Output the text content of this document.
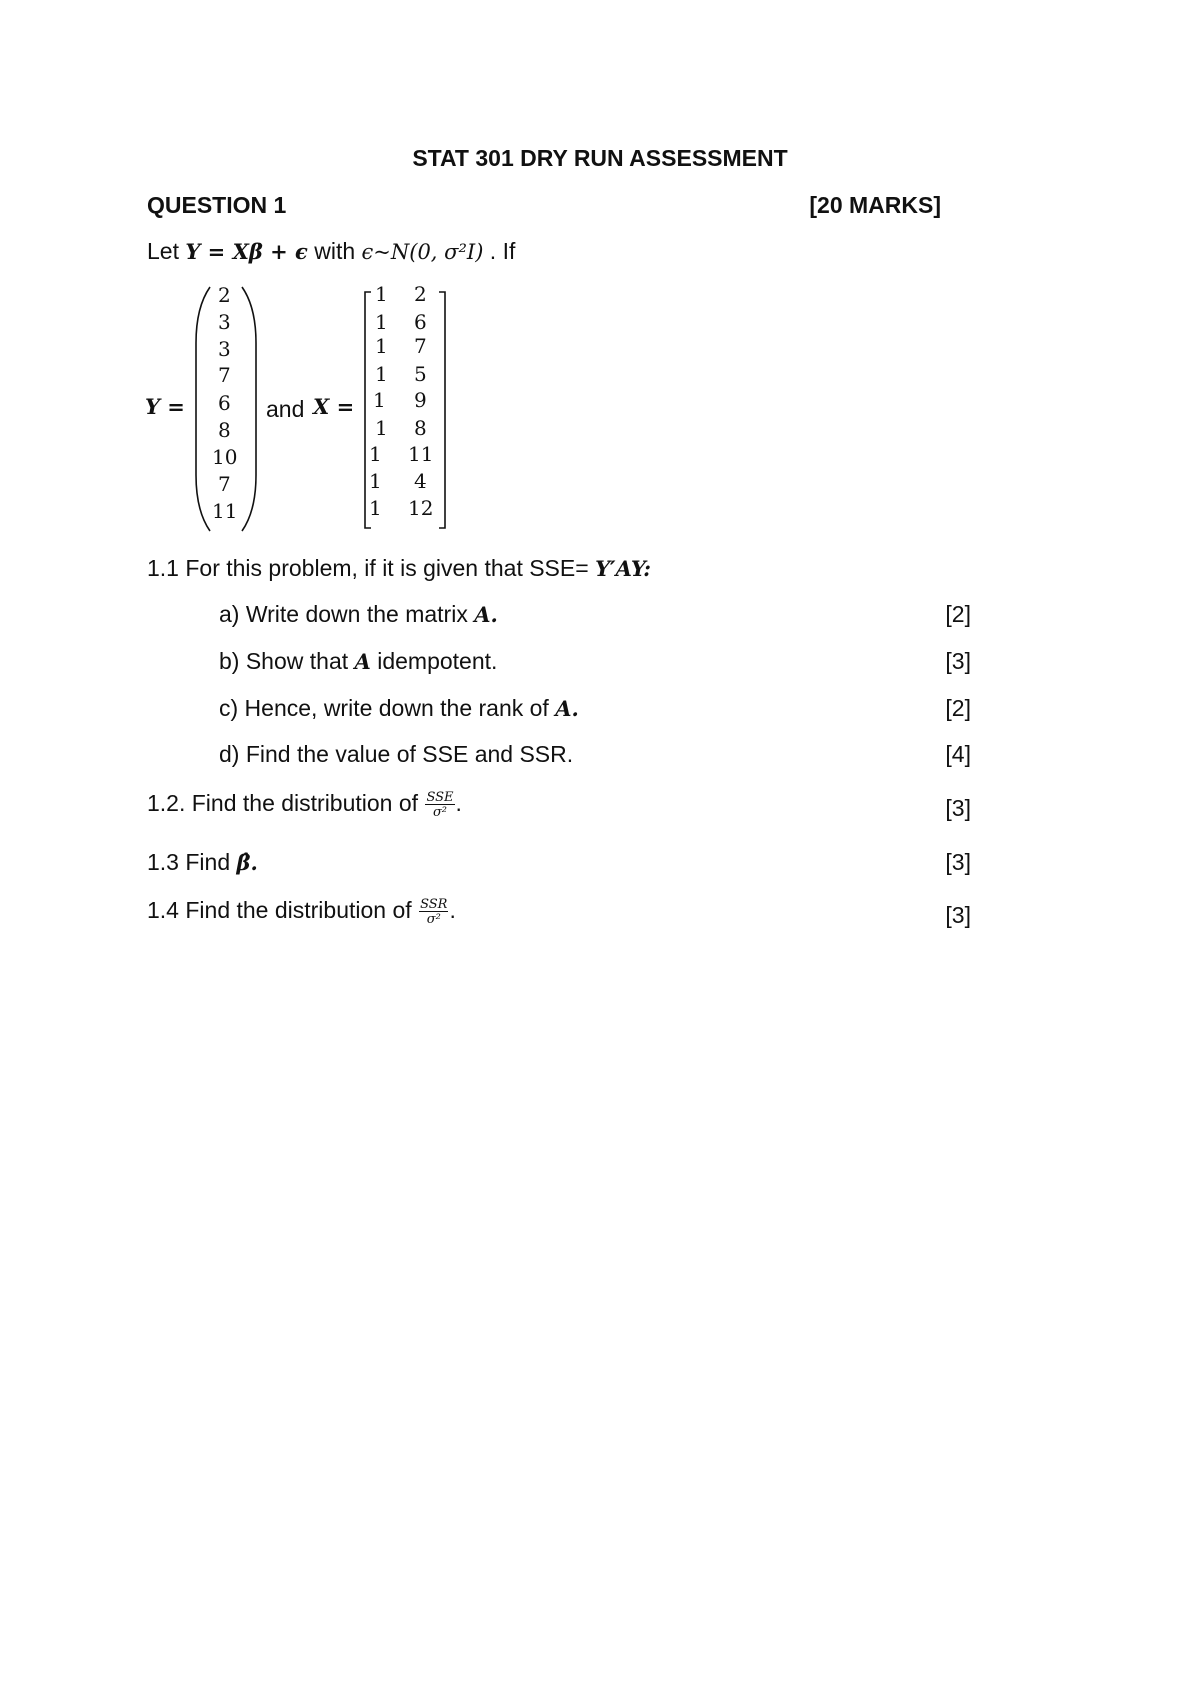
STAT 301 DRY RUN ASSESSMENT
QUESTION 1	[20 MARKS]
Let Y = Xβ + ϵ with ϵ~N(0, σ²I) . If
Y =
2
3
3
7
6
8
10
7
11
and X =
1 2
1 6
1 7
1 5
1 9
1 8
1 11
1 4
1 12
1.1 For this problem, if it is given that SSE= Y′AY:
a) Write down the matrix A.	[2]
b) Show that A idempotent.	[3]
c) Hence, write down the rank of A.	[2]
d) Find the value of SSE and SSR.	[4]
1.2. Find the distribution of $\frac{\text{SSE}}{\text{σ²}}$ .	[3]
1.3 Find β̂.	[3]
1.4 Find the distribution of $\frac{\text{SSR}}{\text{σ²}}$ .	[3]
